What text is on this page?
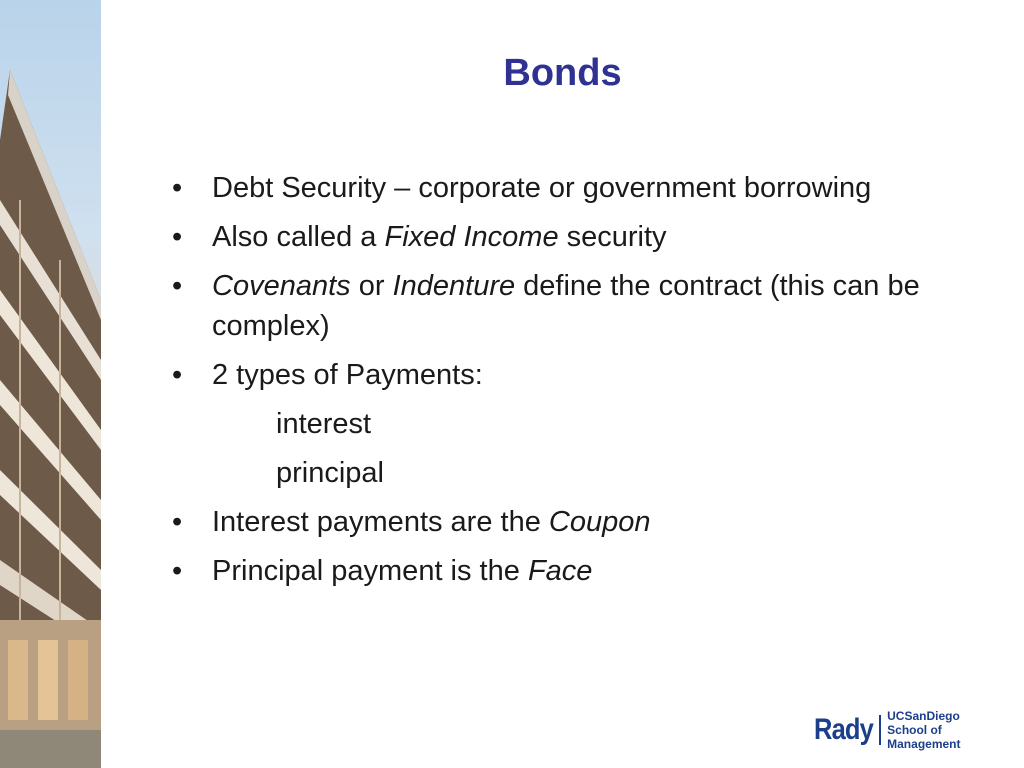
Bonds
• Debt Security – corporate or government borrowing
• Also called a Fixed Income security
• Covenants or Indenture define the contract (this can be complex)
• 2 types of Payments:
interest
principal
• Interest payments are the Coupon
• Principal payment is the Face
Rady UCSanDiego
School of Management
